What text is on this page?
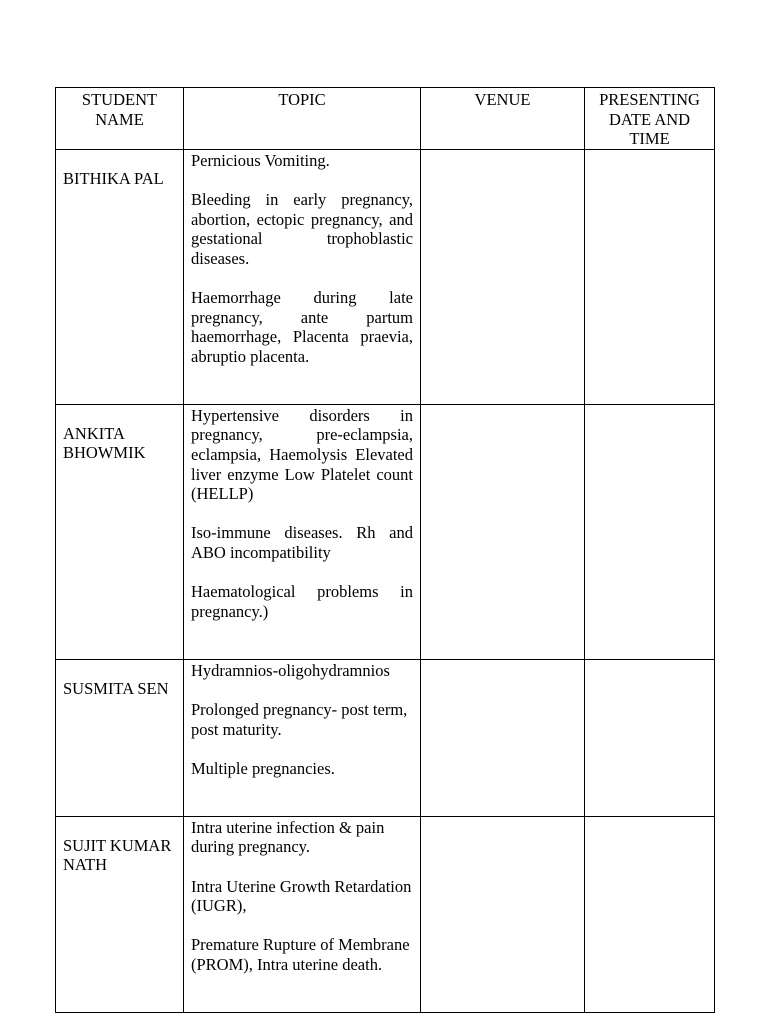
STUDENT NAME	TOPIC	VENUE	PRESENTING DATE AND TIME
BITHIKA PAL	Pernicious Vomiting.

Bleeding in early pregnancy, abortion, ectopic pregnancy, and gestational trophoblastic diseases.

Haemorrhage during late pregnancy, ante partum haemorrhage, Placenta praevia, abruptio placenta.		

ANKITA BHOWMIK	Hypertensive disorders in pregnancy, pre-eclampsia, eclampsia, Haemolysis Elevated liver enzyme Low Platelet count (HELLP)

Iso-immune diseases. Rh and ABO incompatibility

Haematological problems in pregnancy.)		

SUSMITA SEN	Hydramnios-oligohydramnios

Prolonged pregnancy- post term, post maturity.

Multiple pregnancies.		

SUJIT KUMAR NATH	Intra uterine infection & pain during pregnancy.

Intra Uterine Growth Retardation (IUGR),

Premature Rupture of Membrane (PROM), Intra uterine death.		
